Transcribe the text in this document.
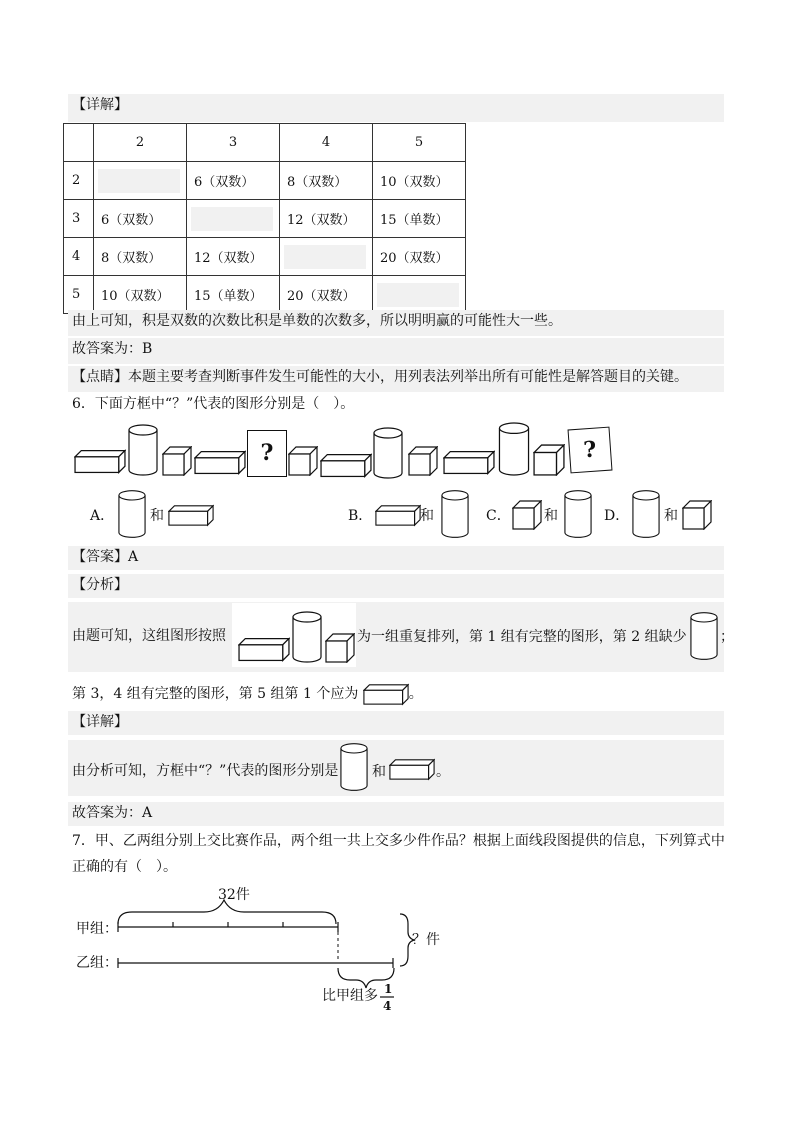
【详解】
	2	3	4	5
2		6（双数）	8（双数）	10（双数）
3	6（双数）		12（双数）	15（单数）
4	8（双数）	12（双数）		20（双数）
5	10（双数）	15（单数）	20（双数）	
由上可知，积是双数的次数比积是单数的次数多，所以明明赢的可能性大一些。
故答案为：B
【点睛】本题主要考查判断事件发生可能性的大小，用列表法列举出所有可能性是解答题目的关键。
6．下面方框中“？”代表的图形分别是（　）。
?	?
A．	和	B．	和	C． 和	D． 和
【答案】A
【分析】
由题可知，这组图形按照	为一组重复排列，第 1 组有完整的图形，第 2 组缺少 ；
第 3，4 组有完整的图形，第 5 组第 1 个应为	。
【详解】
由分析可知，方框中“？”代表的图形分别是 和	。
故答案为：A
7．甲、乙两组分别上交比赛作品，两个组一共上交多少件作品？根据上面线段图提供的信息，下列算式中
正确的有（　）。
32件
甲组：
乙组：
？件
比甲组多 1
4
